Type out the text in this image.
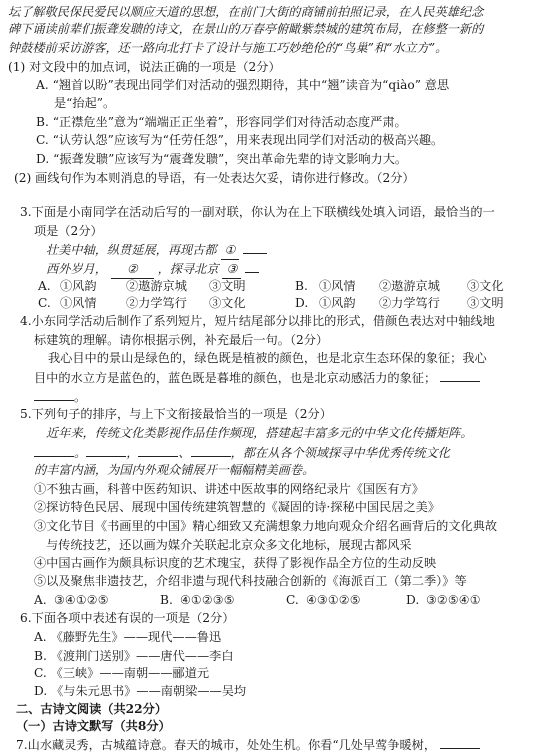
坛了解敬民保民爱民以顺应天道的思想，在前门大街的商铺前拍照记录，在人民英雄纪念
碑下诵读前辈们振聋发聩的诗文，在景山的万春亭俯瞰紫禁城的建筑布局，在修整一新的
钟鼓楼前采访游客，还一路向北打卡了设计与施工巧妙绝伦的“鸟巢”和“水立方”。
(1) 对文段中的加点词，说法正确的一项是（2分）
A. “翘首以盼”表现出同学们对活动的强烈期待，其中“翘”读音为“qiào” 意思
是“抬起”。
B. “正襟危坐”意为“端端正正坐着”，形容同学们对待活动态度严肃。
C. “认劳认怨”应该写为“任劳任怨”，用来表现出同学们对活动的极高兴趣。
D. “振聋发聩”应该写为“震聋发聩”，突出革命先辈的诗文影响力大。
(2) 画线句作为本则消息的导语，有一处表达欠妥，请你进行修改。（2分）
3.下面是小南同学在活动后写的一副对联，你认为在上下联横线处填入词语，最恰当的一
项是（2分）
壮美中轴，纵贯延展，再现古都 ①
西外岁月， ② ，探寻北京 ③
A. ①风韵 ②遨游京城 ③文明	B. ①风情 ②遨游京城 ③文化
C. ①风情 ②力学笃行 ③文化	D. ①风韵 ②力学笃行 ③文明
4.小东同学活动后制作了系列短片，短片结尾部分以排比的形式，借颜色表达对中轴线地
标建筑的理解。请你根据示例，补充最后一句。（2分）
我心目中的景山是绿色的，绿色既是植被的颜色，也是北京生态环保的象征；我心
目中的水立方是蓝色的，蓝色既是暮堆的颜色，也是北京动感活力的象征；
。
5.下列句子的排序，与上下文衔接最恰当的一项是（2分）
近年来，传统文化类影视作品佳作频现，搭建起丰富多元的中华文化传播矩阵。
。	，	、	，都在从各个领域探寻中华优秀传统文化
的丰富内涵，为国内外观众铺展开一幅幅精美画卷。
①不独古画，科普中医药知识、讲述中医故事的网络纪录片《国医有方》
②探访特色民居、展现中国传统建筑智慧的《凝固的诗·探秘中国民居之美》
③文化节目《书画里的中国》精心细致又充满想象力地向观众介绍名画背后的文化典故
与传统技艺，还以画为媒介关联起北京众多文化地标，展现古都风采
④中国古画作为颇具标识度的艺术瑰宝，获得了影视作品全方位的生动反映
⑤以及聚焦非遗技艺，介绍非遗与现代科技融合创新的《海派百工（第二季）》等
A. ③④①②⑤	B. ④①②③⑤	C. ④③①②⑤	D. ③②⑤④①
6.下面各项中表述有误的一项是（2分）
A. 《藤野先生》——现代——鲁迅
B. 《渡荆门送别》——唐代——李白
C. 《三峡》——南朝——郦道元
D. 《与朱元思书》——南朝梁——吴均
二、古诗文阅读（共22分）
（一）古诗文默写（共8分）
7.山水藏灵秀，古城蕴诗意。春天的城市，处处生机。你看“几处早莺争暖树，
